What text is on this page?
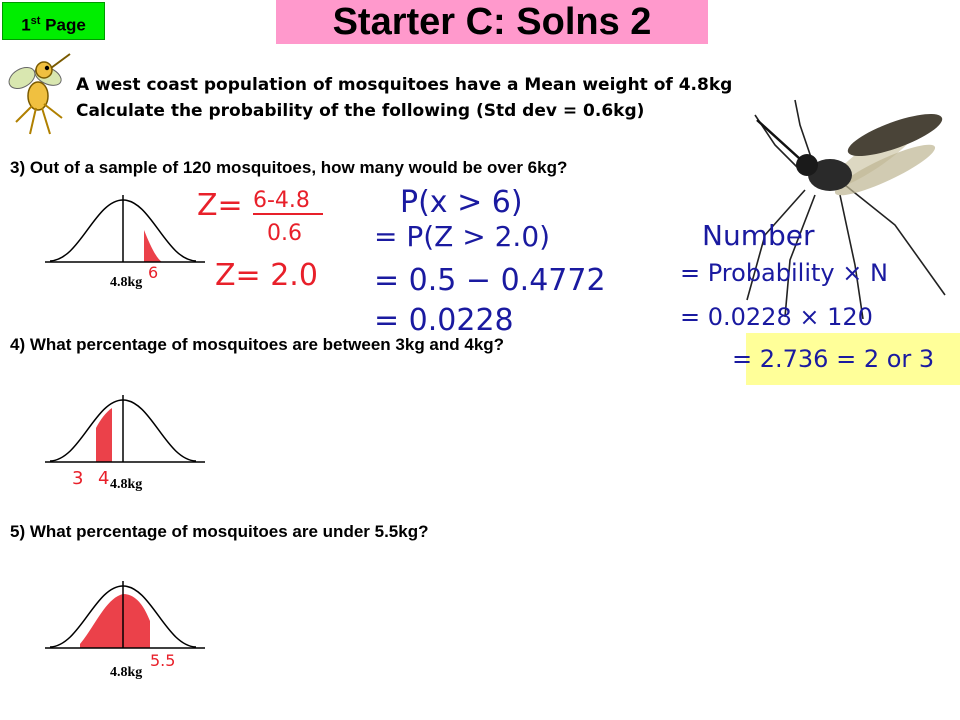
1st Page	Starter C: Solns 2
A west coast population of mosquitoes have a Mean weight of 4.8kg
Calculate the probability of the following (Std dev = 0.6kg)
3) Out of a sample of 120 mosquitoes, how many would be over 6kg?
4.8kg
6
Z= 6-4.8
0.6
Z= 2.0
P(x > 6)
= P(Z > 2.0)
= 0.5 − 0.4772
= 0.0228
Number
= Probability × N
= 0.0228 × 120
= 2.736 = 2 or 3
4) What percentage of mosquitoes are between 3kg and 4kg?
4.8kg
3 4
5) What percentage of mosquitoes are under 5.5kg?
4.8kg
5.5
